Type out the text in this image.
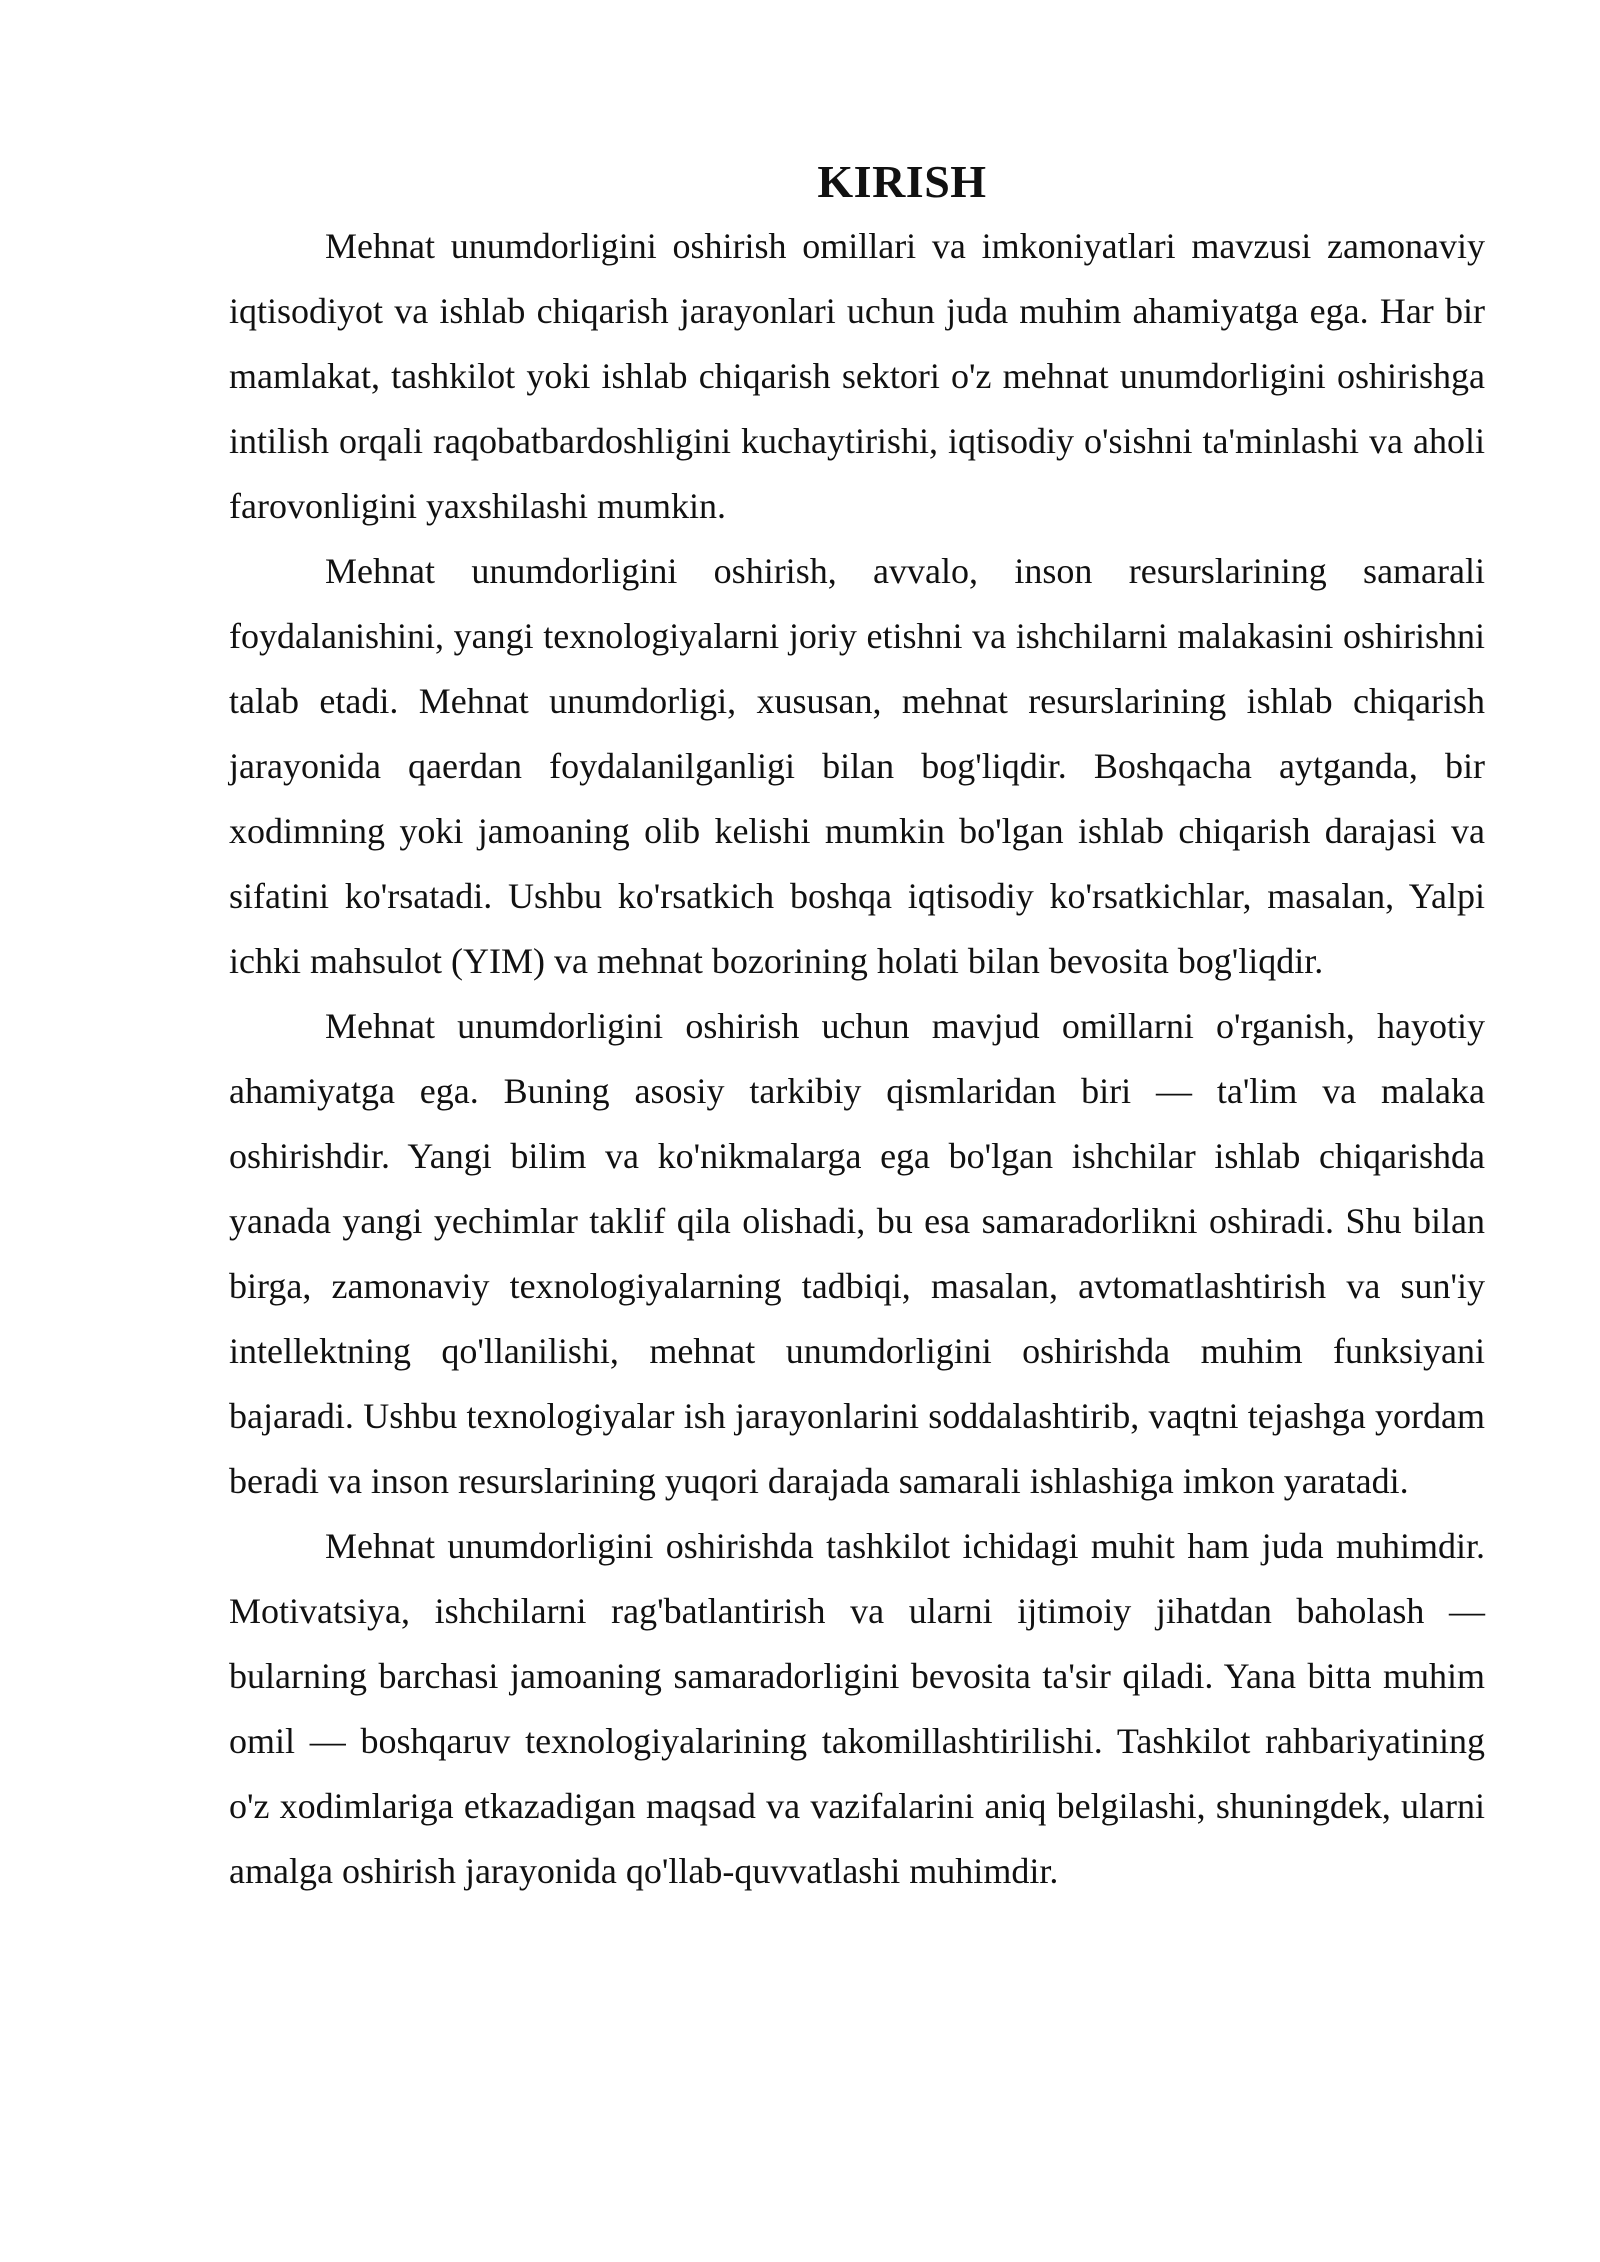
KIRISH

Mehnat unumdorligini oshirish omillari va imkoniyatlari mavzusi zamonaviy iqtisodiyot va ishlab chiqarish jarayonlari uchun juda muhim ahamiyatga ega. Har bir mamlakat, tashkilot yoki ishlab chiqarish sektori o'z mehnat unumdorligini oshirishga intilish orqali raqobatbardoshligini kuchaytirishi, iqtisodiy o'sishni ta'minlashi va aholi farovonligini yaxshilashi mumkin.

Mehnat unumdorligini oshirish, avvalo, inson resurslarining samarali foydalanishini, yangi texnologiyalarni joriy etishni va ishchilarni malakasini oshirishni talab etadi. Mehnat unumdorligi, xususan, mehnat resurslarining ishlab chiqarish jarayonida qaerdan foydalanilganligi bilan bog'liqdir. Boshqacha aytganda, bir xodimning yoki jamoaning olib kelishi mumkin bo'lgan ishlab chiqarish darajasi va sifatini ko'rsatadi. Ushbu ko'rsatkich boshqa iqtisodiy ko'rsatkichlar, masalan, Yalpi ichki mahsulot (YIM) va mehnat bozorining holati bilan bevosita bog'liqdir.

Mehnat unumdorligini oshirish uchun mavjud omillarni o'rganish, hayotiy ahamiyatga ega. Buning asosiy tarkibiy qismlaridan biri — ta'lim va malaka oshirishdir. Yangi bilim va ko'nikmalarga ega bo'lgan ishchilar ishlab chiqarishda yanada yangi yechimlar taklif qila olishadi, bu esa samaradorlikni oshiradi. Shu bilan birga, zamonaviy texnologiyalarning tadbiqi, masalan, avtomatlashtirish va sun'iy intellektning qo'llanilishi, mehnat unumdorligini oshirishda muhim funksiyani bajaradi. Ushbu texnologiyalar ish jarayonlarini soddalashtirib, vaqtni tejashga yordam beradi va inson resurslarining yuqori darajada samarali ishlashiga imkon yaratadi.

Mehnat unumdorligini oshirishda tashkilot ichidagi muhit ham juda muhimdir. Motivatsiya, ishchilarni rag'batlantirish va ularni ijtimoiy jihatdan baholash — bularning barchasi jamoaning samaradorligini bevosita ta'sir qiladi. Yana bitta muhim omil — boshqaruv texnologiyalarining takomillashtirilishi. Tashkilot rahbariyatining o'z xodimlariga etkazadigan maqsad va vazifalarini aniq belgilashi, shuningdek, ularni amalga oshirish jarayonida qo'llab-quvvatlashi muhimdir.
